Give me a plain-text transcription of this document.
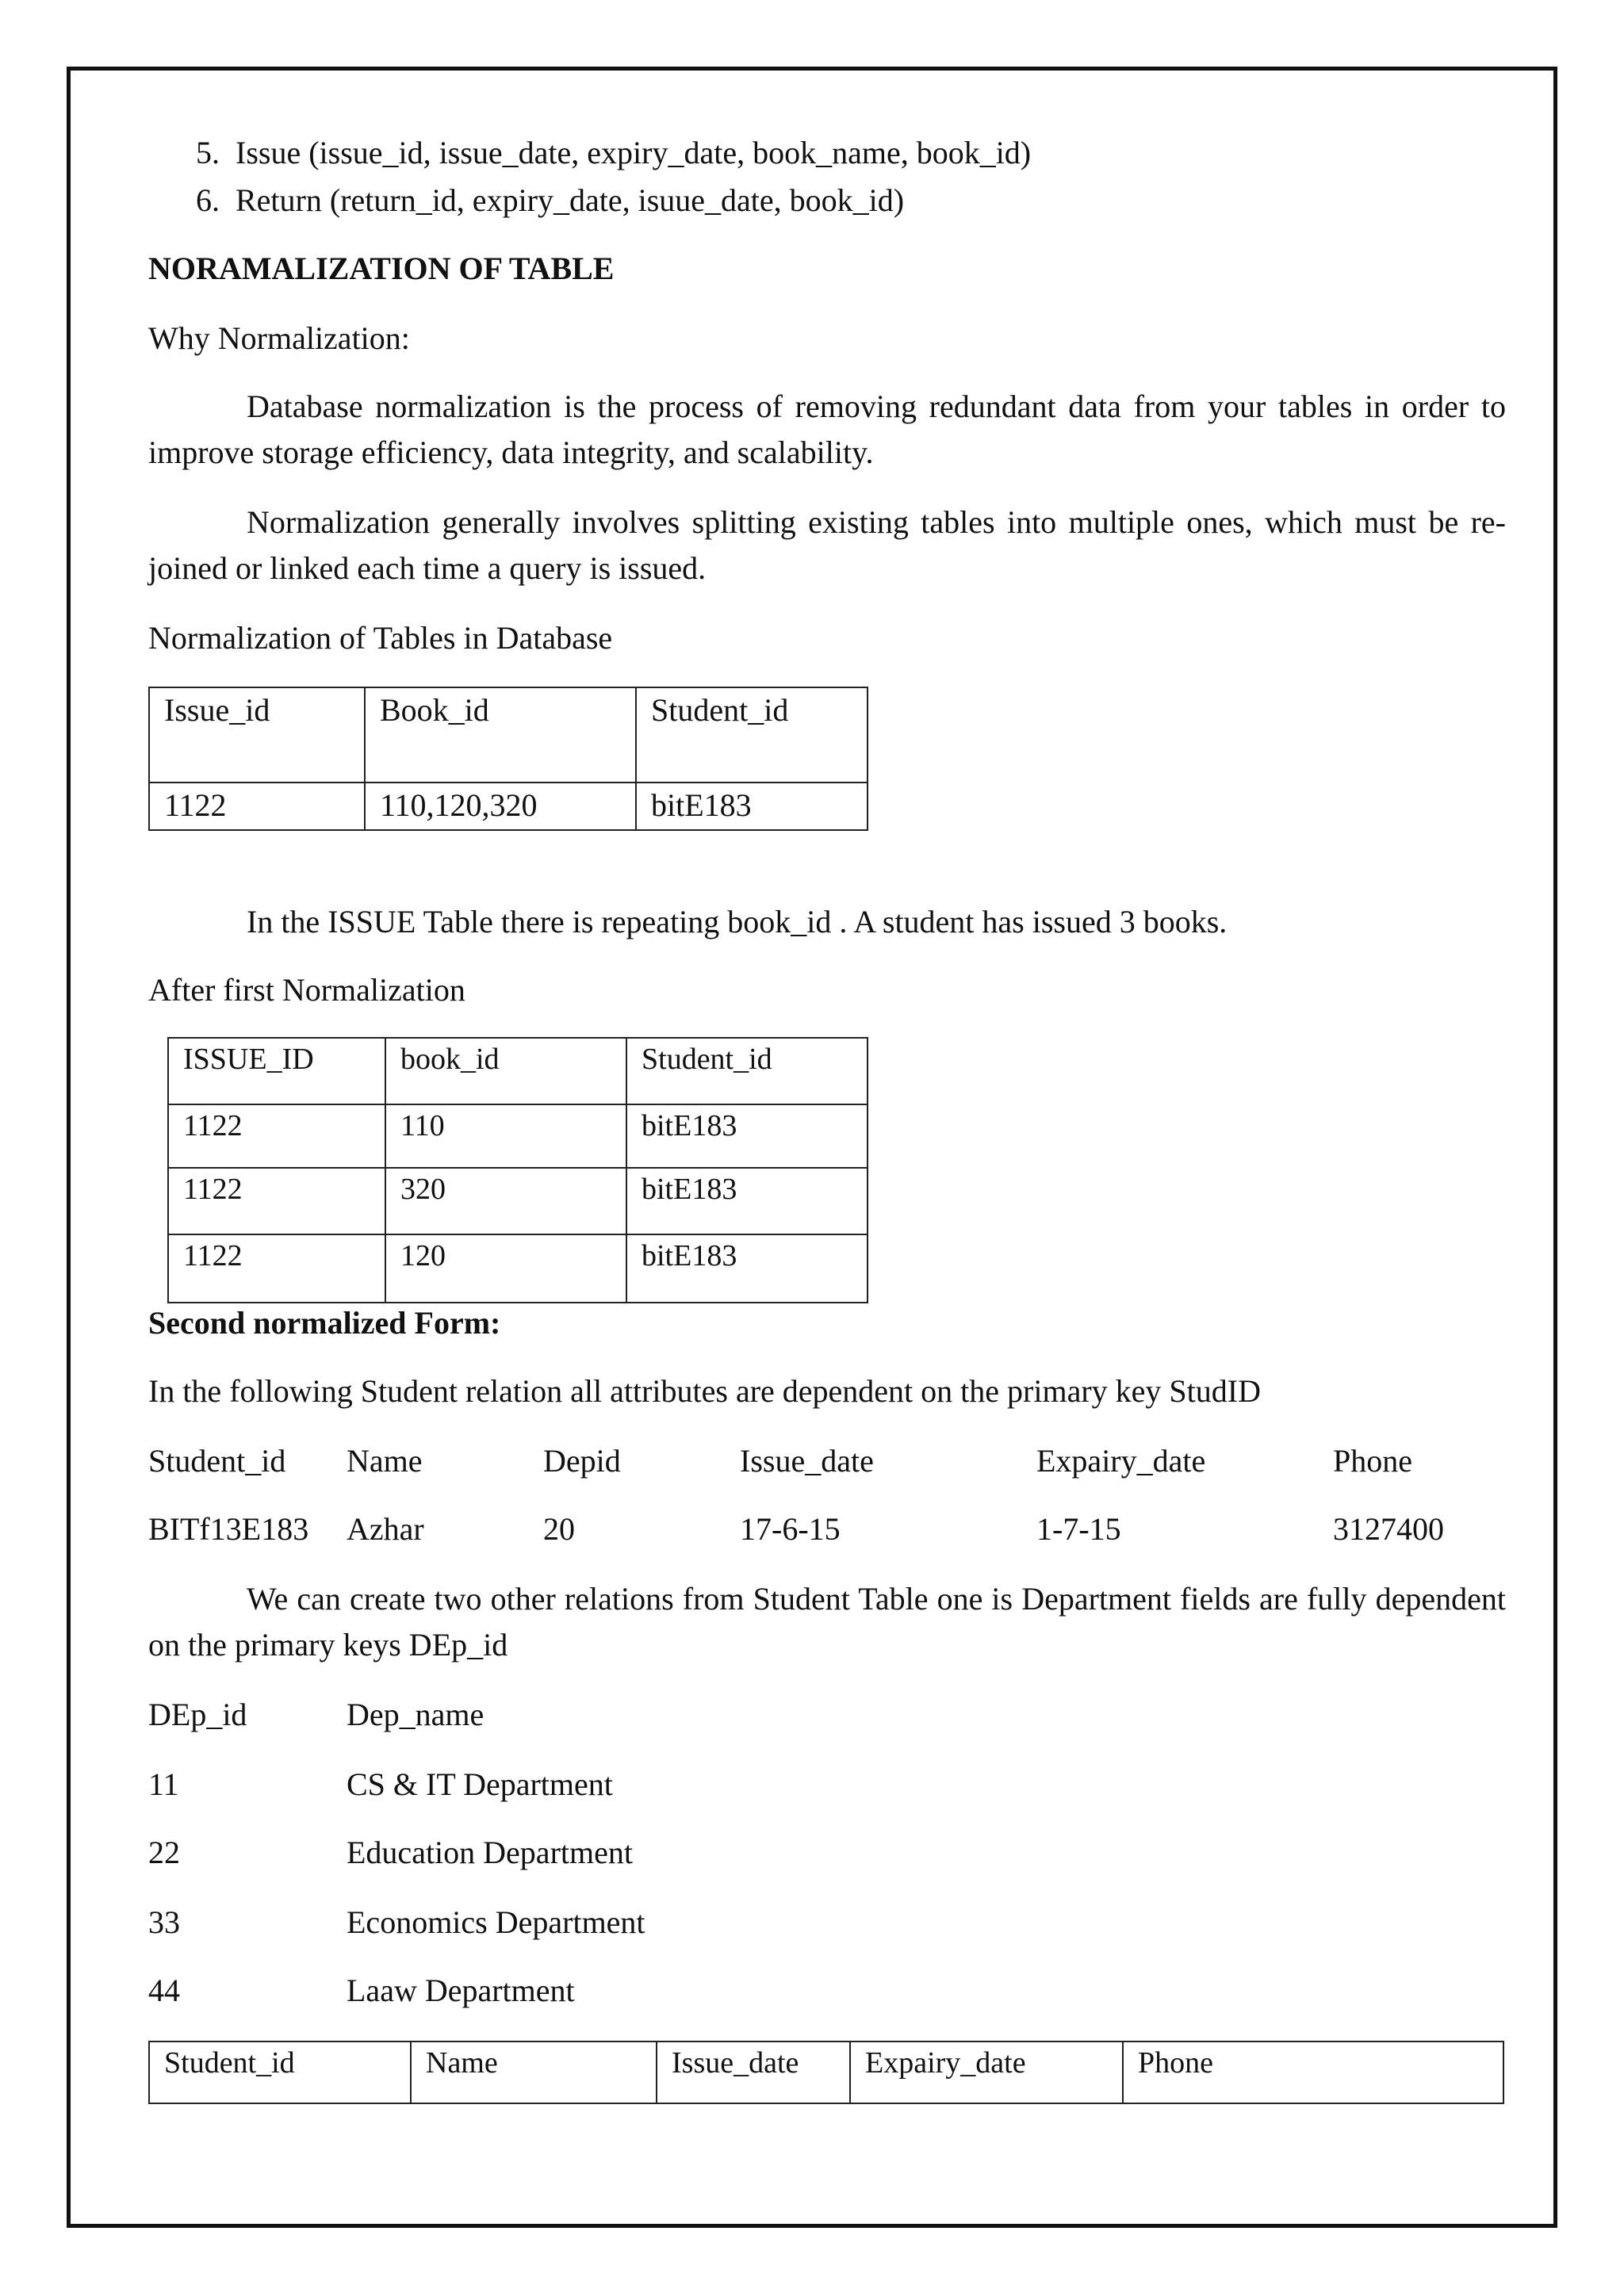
5. Issue (issue_id, issue_date, expiry_date, book_name, book_id)
6. Return (return_id, expiry_date, isuue_date, book_id)
NORAMALIZATION OF TABLE
Why Normalization:
Database normalization is the process of removing redundant data from your tables in order to improve storage efficiency, data integrity, and scalability.
Normalization generally involves splitting existing tables into multiple ones, which must be re-joined or linked each time a query is issued.
Normalization of Tables in Database
Issue_id	Book_id	Student_id
1122	110,120,320	bitE183
In the ISSUE Table there is repeating book_id . A student has issued 3 books.
After first Normalization
ISSUE_ID	book_id	Student_id
1122	110	bitE183
1122	320	bitE183
1122	120	bitE183
Second normalized Form:
In the following Student relation all attributes are dependent on the primary key StudID
Student_id Name	Depid	Issue_date	Expairy_date	Phone
BITf13E183 Azhar	20	17-6-15	1-7-15	3127400
We can create two other relations from Student Table one is Department fields are fully dependent on the primary keys DEp_id
DEp_id	Dep_name
11	CS & IT Department
22	Education Department
33	Economics Department
44	Laaw Department
Student_id	Name	Issue_date	Expairy_date	Phone
